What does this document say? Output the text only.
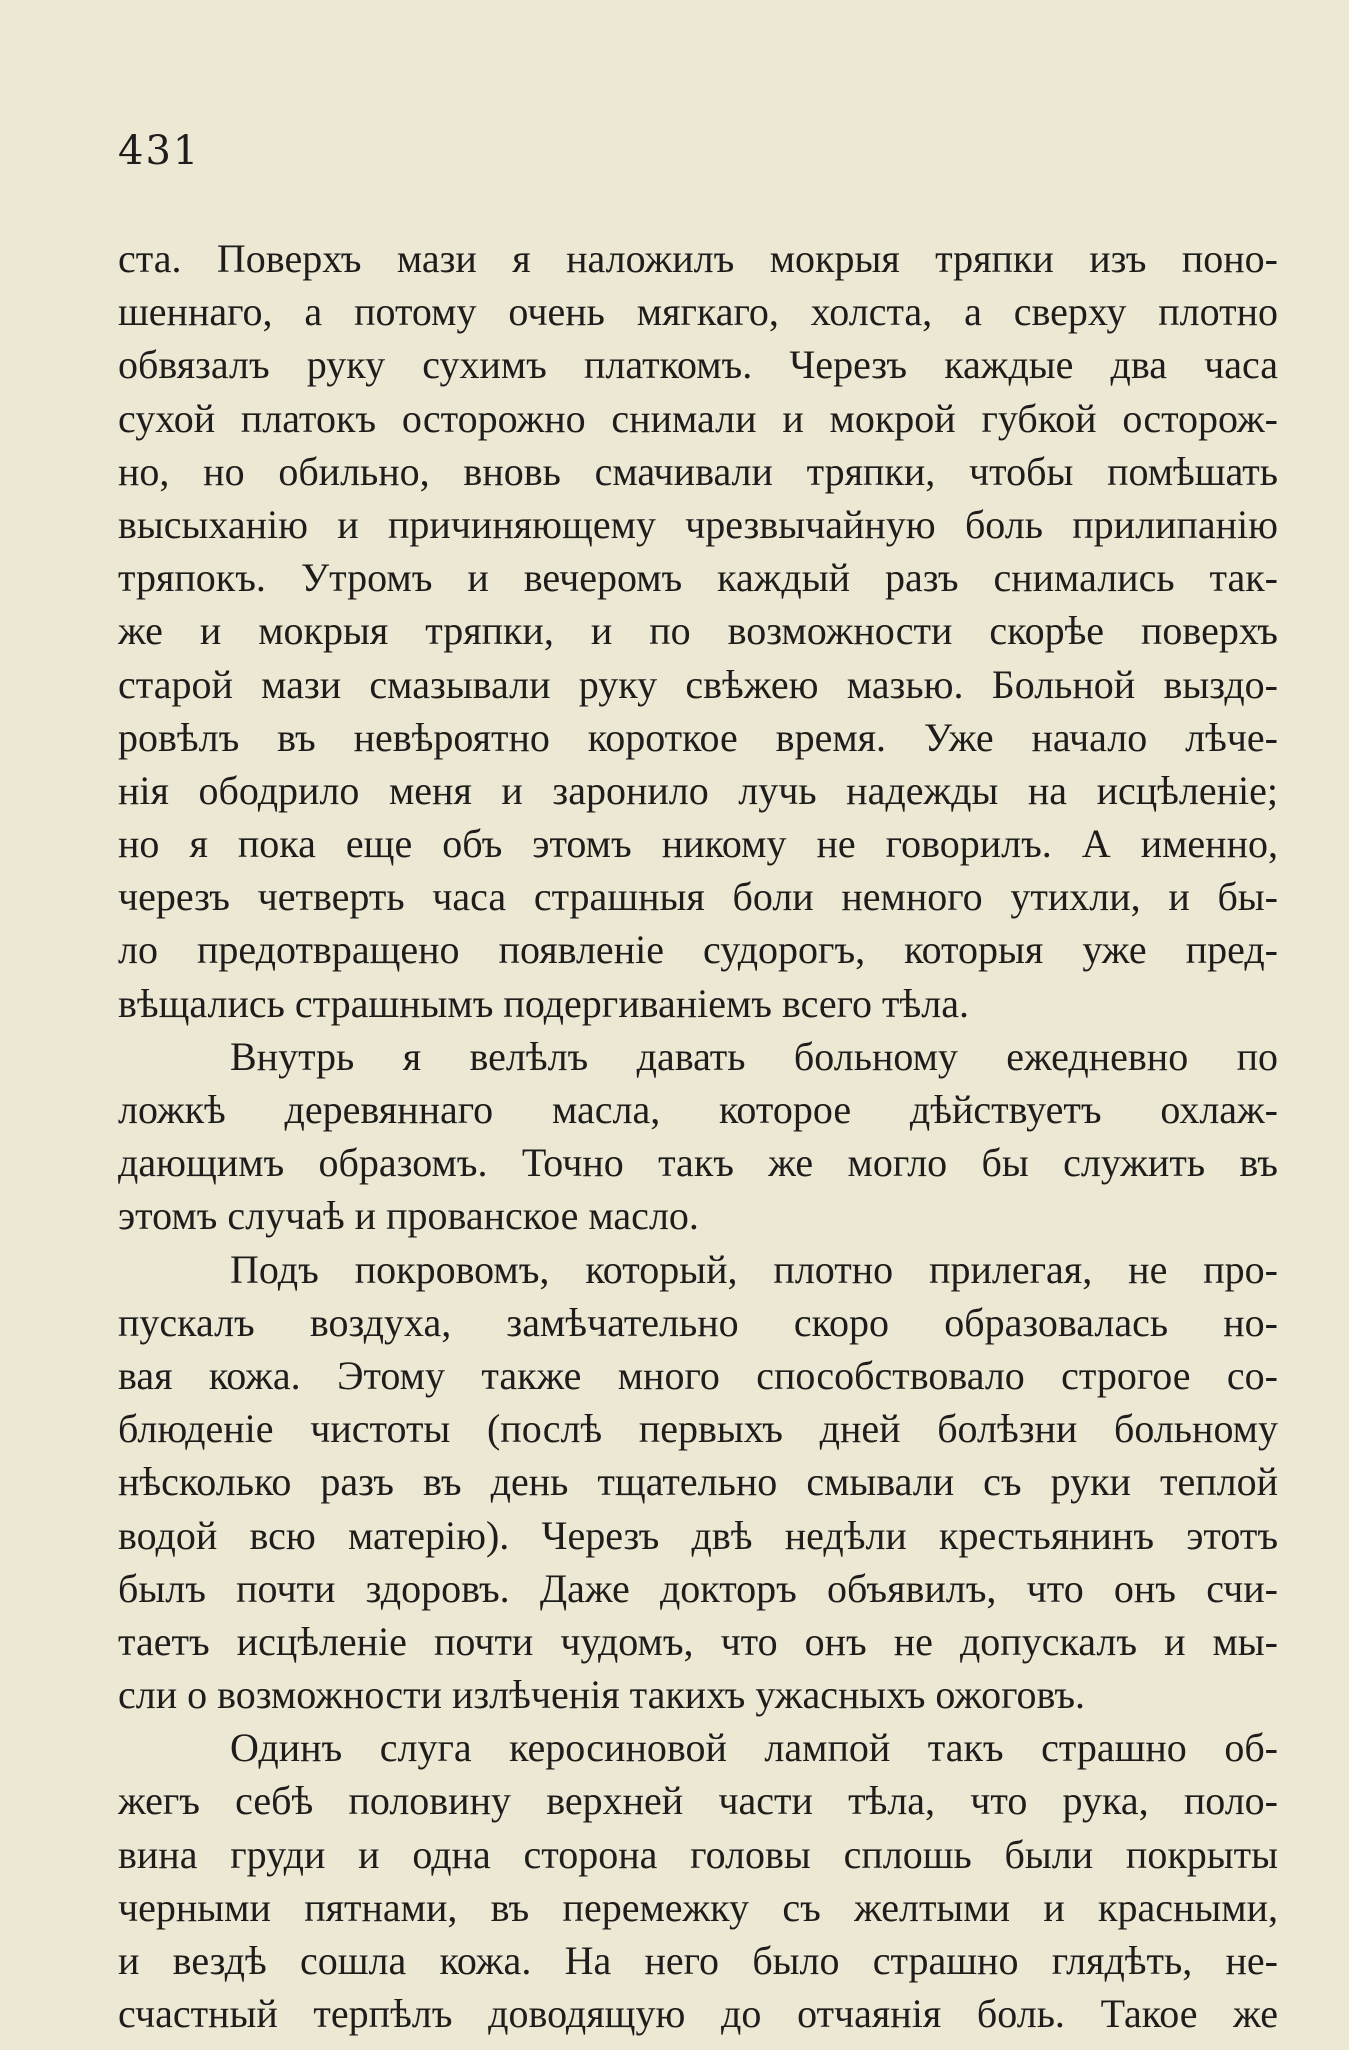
431
ста. Поверхъ мази я наложилъ мокрыя тряпки изъ поно-
шеннаго, а потому очень мягкаго, холста, а сверху плотно
обвязалъ руку сухимъ платкомъ. Черезъ каждые два часа
сухой платокъ осторожно снимали и мокрой губкой осторож-
но, но обильно, вновь смачивали тряпки, чтобы помѣшать
высыханiю и причиняющему чрезвычайную боль прилипанiю
тряпокъ. Утромъ и вечеромъ каждый разъ снимались так-
же и мокрыя тряпки, и по возможности скорѣе поверхъ
старой мази смазывали руку свѣжею мазью. Больной выздо-
ровѣлъ въ невѣроятно короткое время. Уже начало лѣче-
нiя ободрило меня и заронило лучь надежды на исцѣленiе;
но я пока еще объ этомъ никому не говорилъ. А именно,
черезъ четверть часа страшныя боли немного утихли, и бы-
ло предотвращено появленiе судорогъ, которыя уже пред-
вѣщались страшнымъ подергиванiемъ всего тѣла.
Внутрь я велѣлъ давать больному ежедневно по
ложкѣ деревяннаго масла, которое дѣйствуетъ охлаж-
дающимъ образомъ. Точно такъ же могло бы служить въ
этомъ случаѣ и прованское масло.
Подъ покровомъ, который, плотно прилегая, не про-
пускалъ воздуха, замѣчательно скоро образовалась но-
вая кожа. Этому также много способствовало строгое со-
блюденiе чистоты (послѣ первыхъ дней болѣзни больному
нѣсколько разъ въ день тщательно смывали съ руки теплой
водой всю матерiю). Черезъ двѣ недѣли крестьянинъ этотъ
былъ почти здоровъ. Даже докторъ объявилъ, что онъ счи-
таетъ исцѣленiе почти чудомъ, что онъ не допускалъ и мы-
сли о возможности излѣченiя такихъ ужасныхъ ожоговъ.
Одинъ слуга керосиновой лампой такъ страшно об-
жегъ себѣ половину верхней части тѣла, что рука, поло-
вина груди и одна сторона головы сплошь были покрыты
черными пятнами, въ перемежку съ желтыми и красными,
и вездѣ сошла кожа. На него было страшно глядѣть, не-
счастный терпѣлъ доводящую до отчаянiя боль. Такое же
